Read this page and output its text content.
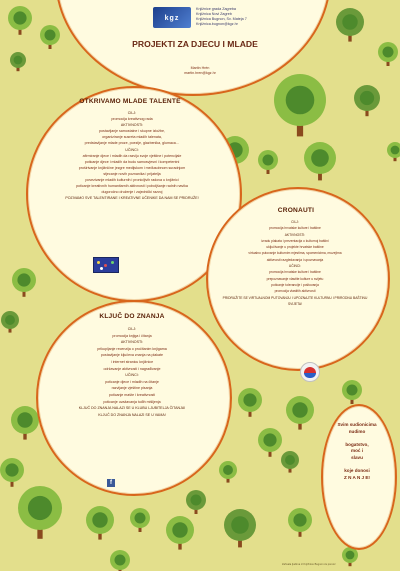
kgz
Knjižnice grada Zagreba
Knjižnica Novi Zagreb
Knjižnica Bugnon, Sv. Mateja 7
Knjižnica.bugnon@kgz.hr
PROJEKTI ZA DJECU I MLADE
Martin Hrén
martin.hren@kgz.hr
OTKRIVAMO MLADE TALENTE
CILJ:
promocija kreativnog rada
AKTIVNOSTI:
postavljanje samostalne i skupne izložbe,
organiziranje susreta mladih talenata,
predstavljanje mlade proze, poezije, glazbenika, glumaca…
UČINCI:
afirmiranje djece i mladih da razviju svoje vještine i potencijale
poticanje djece i mladih da budu samosvjesni i kompetentni
proširivanje knjižnične jezgre medijskom i međusobnom suradnjom
stjecanje novih poznanika i prijatelja
povezivanje mladih kulturnih i pronicljivih radova u knjižnici
poticanje kreativnih humanitarnih aktivnosti i poboljšanje radnih navika
dugoročno druženje i zajednički razvoj
POZIVAMO SVE TALENTIRANE I KREATIVNE UČENIKE DA NAM SE PRIDRUŽE!
CRONAUTI
CILJ:
promocija hrvatske kulture i baštine
AKTIVNOSTI:
izradu plakata i prezentacija o kulturnoj baštini
uključivanje u projekte hrvatske baštine
virtualno putovanje kulturnim mjestima, spomenicima, muzejima
aktivnosti razgledavanja i upoznavanja
UČINCI:
promocija hrvatske kulture i baštine
prepoznavanje vlastite kulture u svijetu
poticanje tolerancije i poštovanja
promocija vlastitih aktivnosti
PRIDRUŽITE SE VIRTUALNOM PUTOVANJU I UPOZNAJTE KULTURNU I PRIRODNU BAŠTINU SVIJETA!
KLJUČ DO ZNANJA
CILJ:
promocija knjiga i čitanja
AKTIVNOSTI:
prikupljanje recenzija o pročitanim knjigama
postavljanje ključeva znanja na plakate
i internet stranicu knjižnice
održavanje aktivnosti i nagrađivanje
UČINCI:
poticanje djece i mladih na čitanje
razvijanje vještine pisanja
poticanje mašte i kreativnosti
poticanje uvažavanja tuđih mišljenja
KLJUČ DO ZNANJA NALAZI SE U KLUBU LJUBITELJA ČITANJA!
KLJUČ DO ZNANJA NALAZI SE U VAMA!
f
Svim sudionicima
nudimo

bogatstvo,
moć i
slavu

koje donosi
Z N A N J E!
Zahvala ljudima iz Knjižnice Bugnon za pomoć
